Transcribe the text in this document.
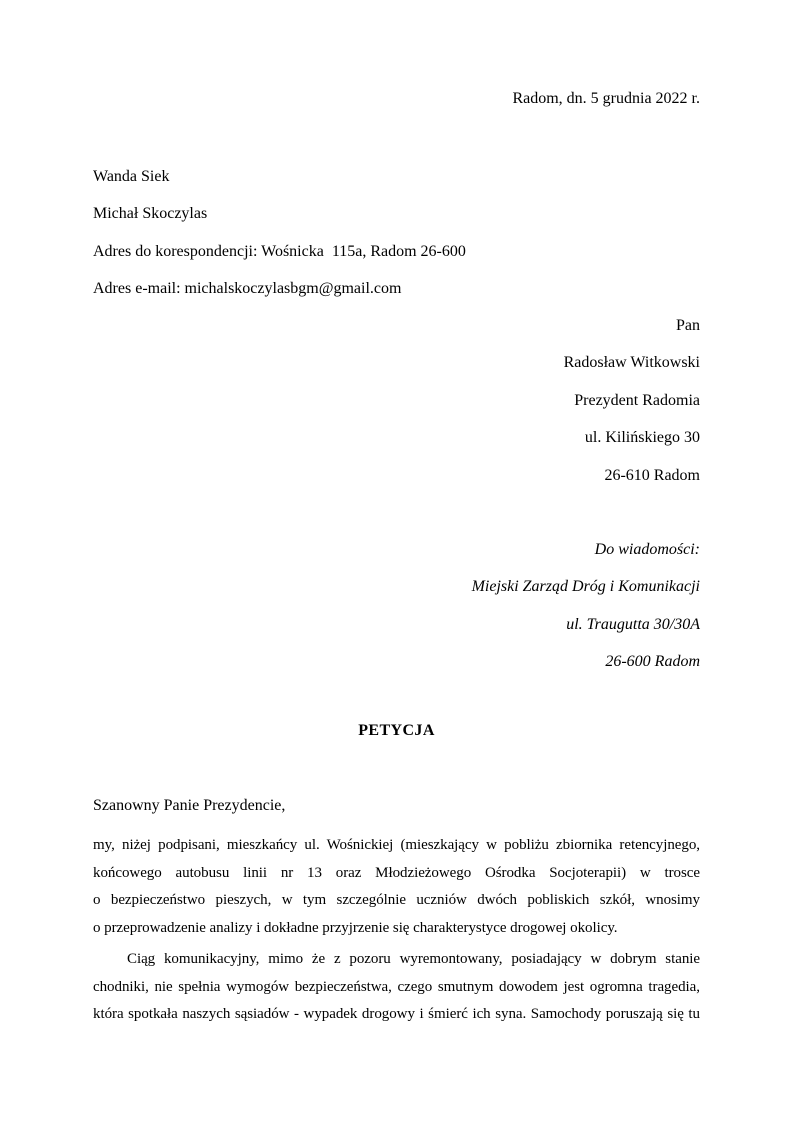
Radom, dn. 5 grudnia 2022 r.
Wanda Siek
Michał Skoczylas
Adres do korespondencji: Wośnicka  115a, Radom 26-600
Adres e-mail: michalskoczylasbgm@gmail.com
Pan
Radosław Witkowski
Prezydent Radomia
ul. Kilińskiego 30
26-610 Radom
Do wiadomości:
Miejski Zarząd Dróg i Komunikacji
ul. Traugutta 30/30A
26-600 Radom
PETYCJA
Szanowny Panie Prezydencie,
my, niżej podpisani, mieszkańcy ul. Wośnickiej (mieszkający w pobliżu zbiornika retencyjnego,
końcowego autobusu linii nr 13 oraz Młodzieżowego Ośrodka Socjoterapii) w trosce
o bezpieczeństwo pieszych, w tym szczególnie uczniów dwóch pobliskich szkół, wnosimy
o przeprowadzenie analizy i dokładne przyjrzenie się charakterystyce drogowej okolicy.
Ciąg komunikacyjny, mimo że z pozoru wyremontowany, posiadający w dobrym stanie
chodniki, nie spełnia wymogów bezpieczeństwa, czego smutnym dowodem jest ogromna tragedia,
która spotkała naszych sąsiadów - wypadek drogowy i śmierć ich syna. Samochody poruszają się tu
